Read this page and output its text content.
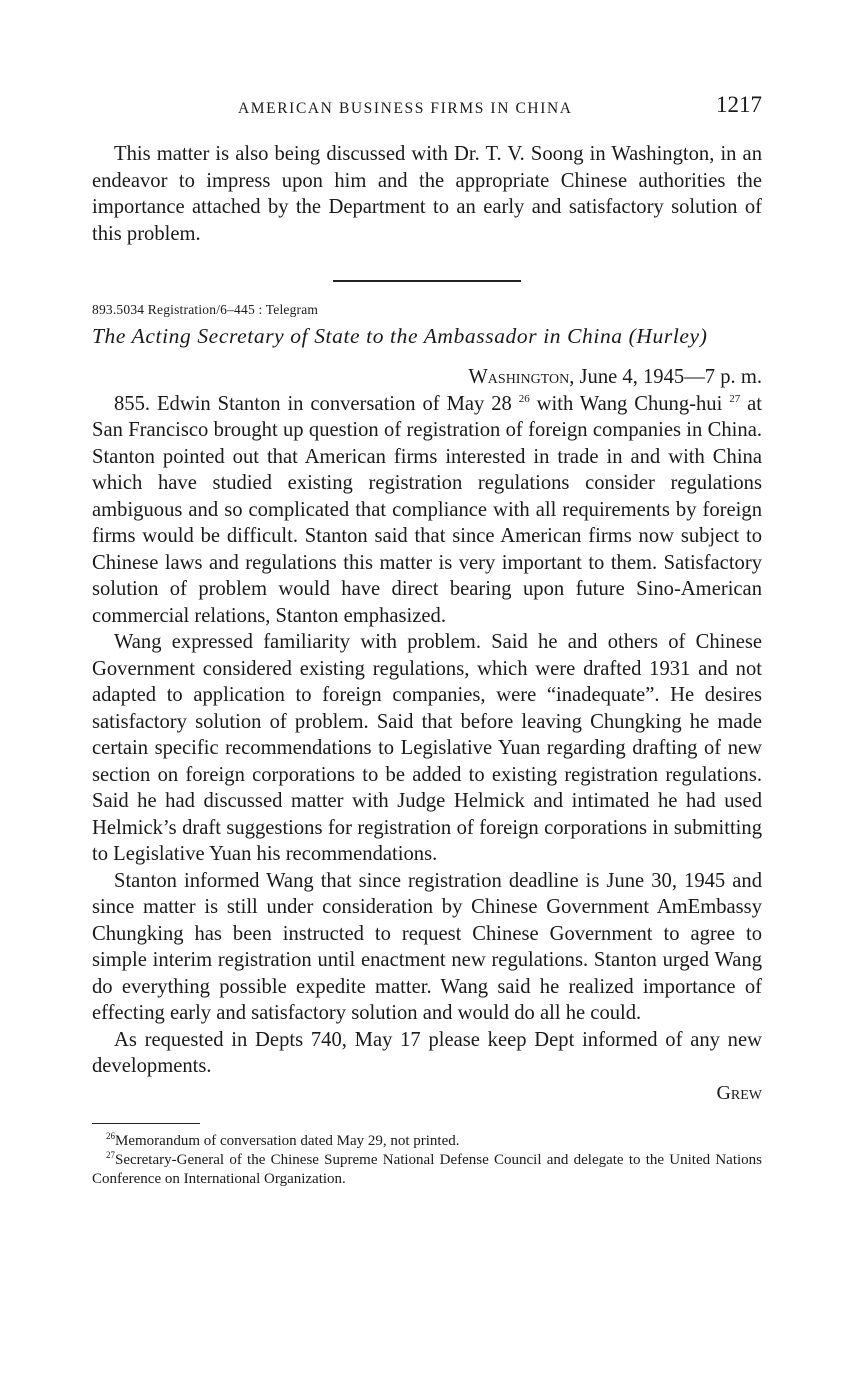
AMERICAN BUSINESS FIRMS IN CHINA	1217

This matter is also being discussed with Dr. T. V. Soong in Washington, in an endeavor to impress upon him and the appropriate Chinese authorities the importance attached by the Department to an early and satisfactory solution of this problem.

893.5034 Registration/6–445 : Telegram
The Acting Secretary of State to the Ambassador in China (Hurley)
Washington, June 4, 1945—7 p. m.

855. Edwin Stanton in conversation of May 28 $^{26}$ with Wang Chung-hui $^{27}$ at San Francisco brought up question of registration of foreign companies in China. Stanton pointed out that American firms interested in trade in and with China which have studied existing registration regulations consider regulations ambiguous and so complicated that compliance with all requirements by foreign firms would be difficult. Stanton said that since American firms now subject to Chinese laws and regulations this matter is very important to them. Satisfactory solution of problem would have direct bearing upon future Sino-American commercial relations, Stanton emphasized.

Wang expressed familiarity with problem. Said he and others of Chinese Government considered existing regulations, which were drafted 1931 and not adapted to application to foreign companies, were “inadequate”. He desires satisfactory solution of problem. Said that before leaving Chungking he made certain specific recommendations to Legislative Yuan regarding drafting of new section on foreign corporations to be added to existing registration regulations. Said he had discussed matter with Judge Helmick and intimated he had used Helmick’s draft suggestions for registration of foreign corporations in submitting to Legislative Yuan his recommendations.

Stanton informed Wang that since registration deadline is June 30, 1945 and since matter is still under consideration by Chinese Government AmEmbassy Chungking has been instructed to request Chinese Government to agree to simple interim registration until enactment new regulations. Stanton urged Wang do everything possible expedite matter. Wang said he realized importance of effecting early and satisfactory solution and would do all he could.

As requested in Depts 740, May 17 please keep Dept informed of any new developments.

Grew

$^{26}$Memorandum of conversation dated May 29, not printed.

$^{27}$Secretary-General of the Chinese Supreme National Defense Council and delegate to the United Nations Conference on International Organization.
